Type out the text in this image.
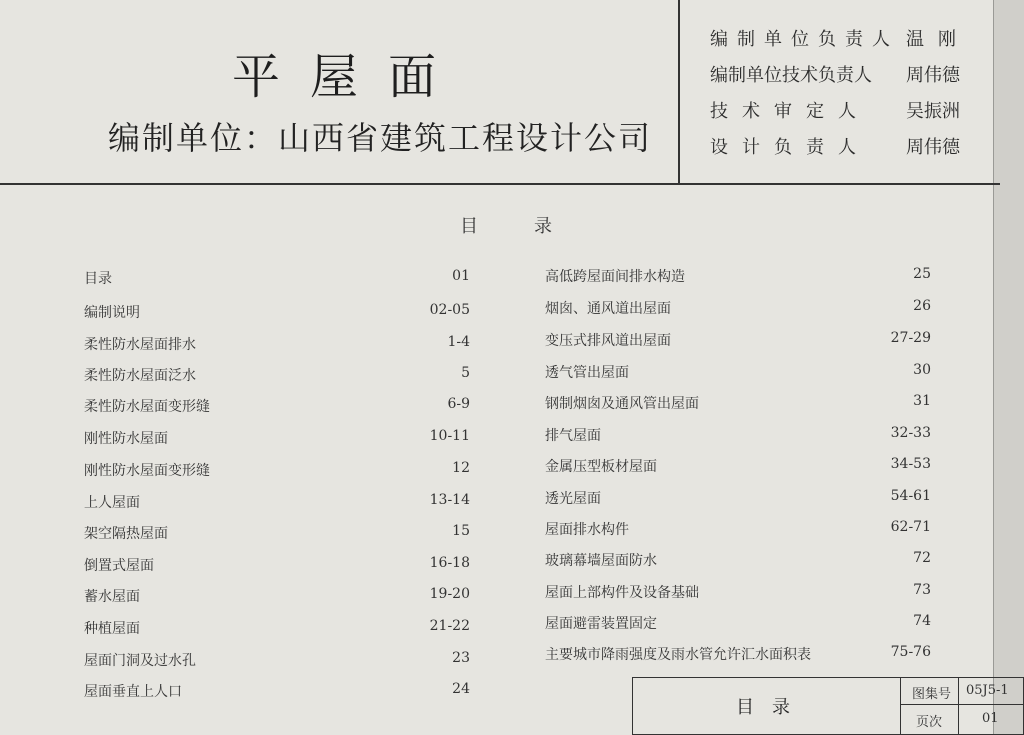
平屋面
编制单位：山西省建筑工程设计公司
编制单位负责人 温刚
编制单位技术负责人 周伟德
技术审定人 吴振洲
设计负责人 周伟德
目	录
目录	01
编制说明	02-05
柔性防水屋面排水	1-4
柔性防水屋面泛水	5
柔性防水屋面变形缝	6-9
刚性防水屋面	10-11
刚性防水屋面变形缝	12
上人屋面	13-14
架空隔热屋面	15
倒置式屋面	16-18
蓄水屋面	19-20
种植屋面	21-22
屋面门洞及过水孔	23
屋面垂直上人口	24
高低跨屋面间排水构造	25
烟囱、通风道出屋面	26
变压式排风道出屋面	27-29
透气管出屋面	30
钢制烟囱及通风管出屋面	31
排气屋面	32-33
金属压型板材屋面	34-53
透光屋面	54-61
屋面排水构件	62-71
玻璃幕墙屋面防水	72
屋面上部构件及设备基础	73
屋面避雷装置固定	74
主要城市降雨强度及雨水管允许汇水面积表	75-76
目录
图集号 05J5-1
页次	01
